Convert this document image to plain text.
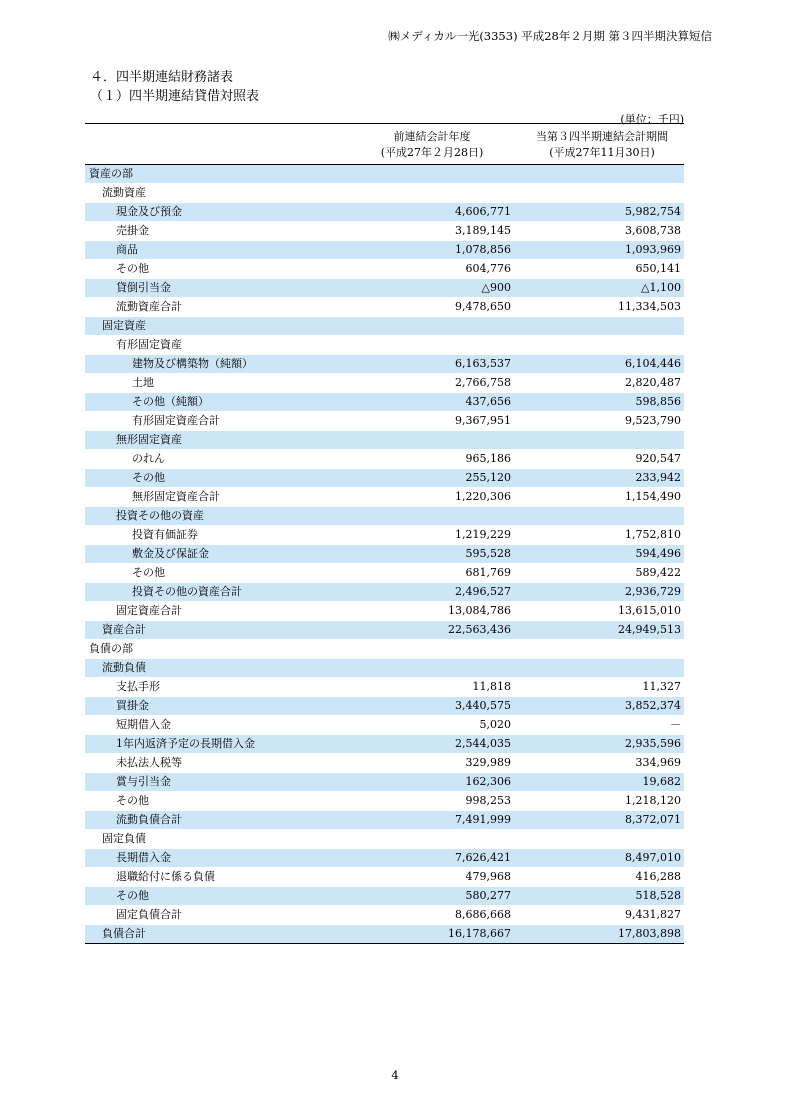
㈱メディカル一光(3353) 平成28年２月期 第３四半期決算短信
４．四半期連結財務諸表
（１）四半期連結貸借対照表
(単位：千円)
前連結会計年度
(平成27年２月28日)
当第３四半期連結会計期間
(平成27年11月30日)
資産の部
流動資産
現金及び預金	4,606,771	5,982,754
売掛金	3,189,145	3,608,738
商品	1,078,856	1,093,969
その他	604,776	650,141
貸倒引当金	△900	△1,100
流動資産合計	9,478,650	11,334,503
固定資産
有形固定資産
建物及び構築物（純額）	6,163,537	6,104,446
土地	2,766,758	2,820,487
その他（純額）	437,656	598,856
有形固定資産合計	9,367,951	9,523,790
無形固定資産
のれん	965,186	920,547
その他	255,120	233,942
無形固定資産合計	1,220,306	1,154,490
投資その他の資産
投資有価証券	1,219,229	1,752,810
敷金及び保証金	595,528	594,496
その他	681,769	589,422
投資その他の資産合計	2,496,527	2,936,729
固定資産合計	13,084,786	13,615,010
資産合計	22,563,436	24,949,513
負債の部
流動負債
支払手形	11,818	11,327
買掛金	3,440,575	3,852,374
短期借入金	5,020	－
1年内返済予定の長期借入金	2,544,035	2,935,596
未払法人税等	329,989	334,969
賞与引当金	162,306	19,682
その他	998,253	1,218,120
流動負債合計	7,491,999	8,372,071
固定負債
長期借入金	7,626,421	8,497,010
退職給付に係る負債	479,968	416,288
その他	580,277	518,528
固定負債合計	8,686,668	9,431,827
負債合計	16,178,667	17,803,898
4
